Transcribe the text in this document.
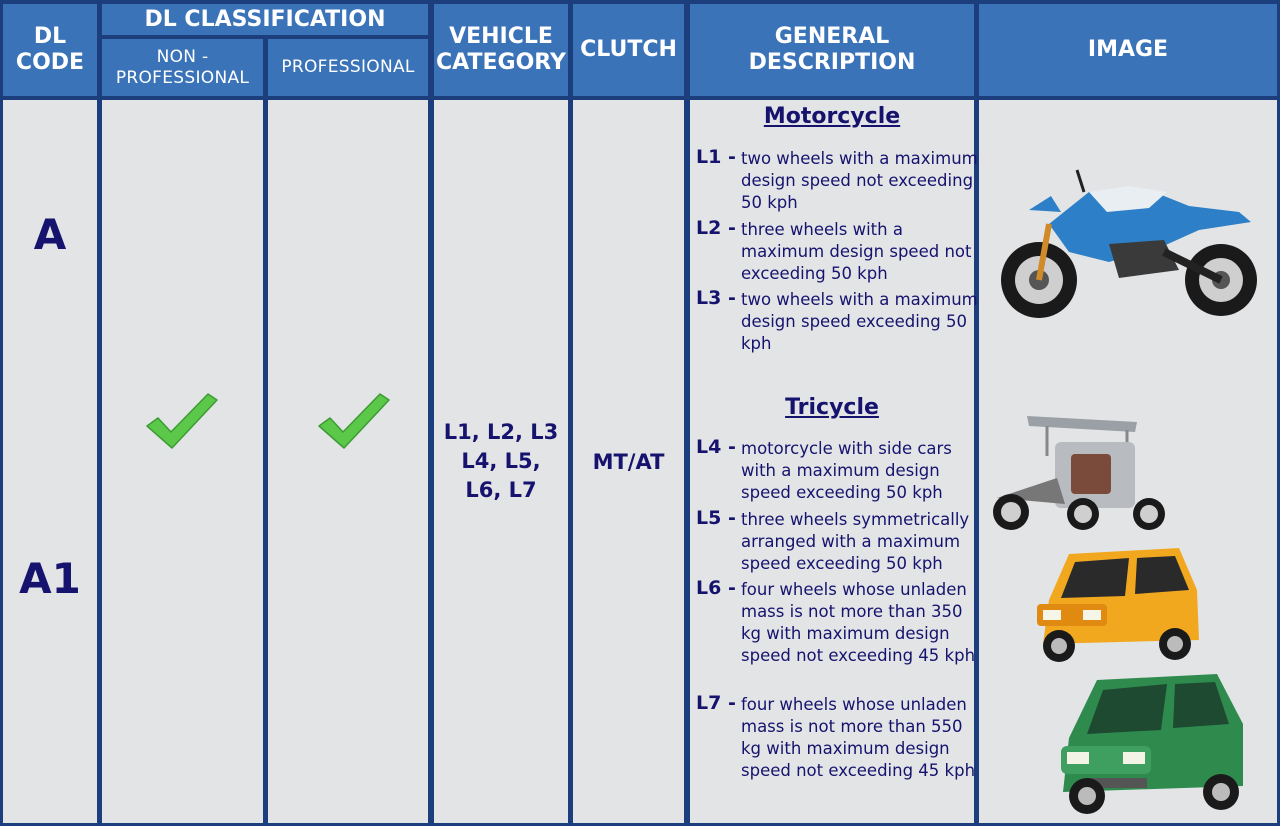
DL CODE
DL CLASSIFICATION
NON - PROFESSIONAL
PROFESSIONAL
VEHICLE CATEGORY
CLUTCH
GENERAL DESCRIPTION
IMAGE
A
A1
L1, L2, L3 L4, L5, L6, L7
MT/AT
Motorcycle
L1 - two wheels with a maximum design speed not exceeding 50 kph
L2 - three wheels with a maximum design speed not exceeding 50 kph
L3 - two wheels with a maximum design speed exceeding 50 kph
Tricycle
L4 - motorcycle with side cars with a maximum design speed exceeding 50 kph
L5 - three wheels symmetrically arranged with a maximum speed exceeding 50 kph
L6 - four wheels whose unladen mass is not more than 350 kg with maximum design speed not exceeding 45 kph
L7 - four wheels whose unladen mass is not more than 550 kg with maximum design speed not exceeding 45 kph
